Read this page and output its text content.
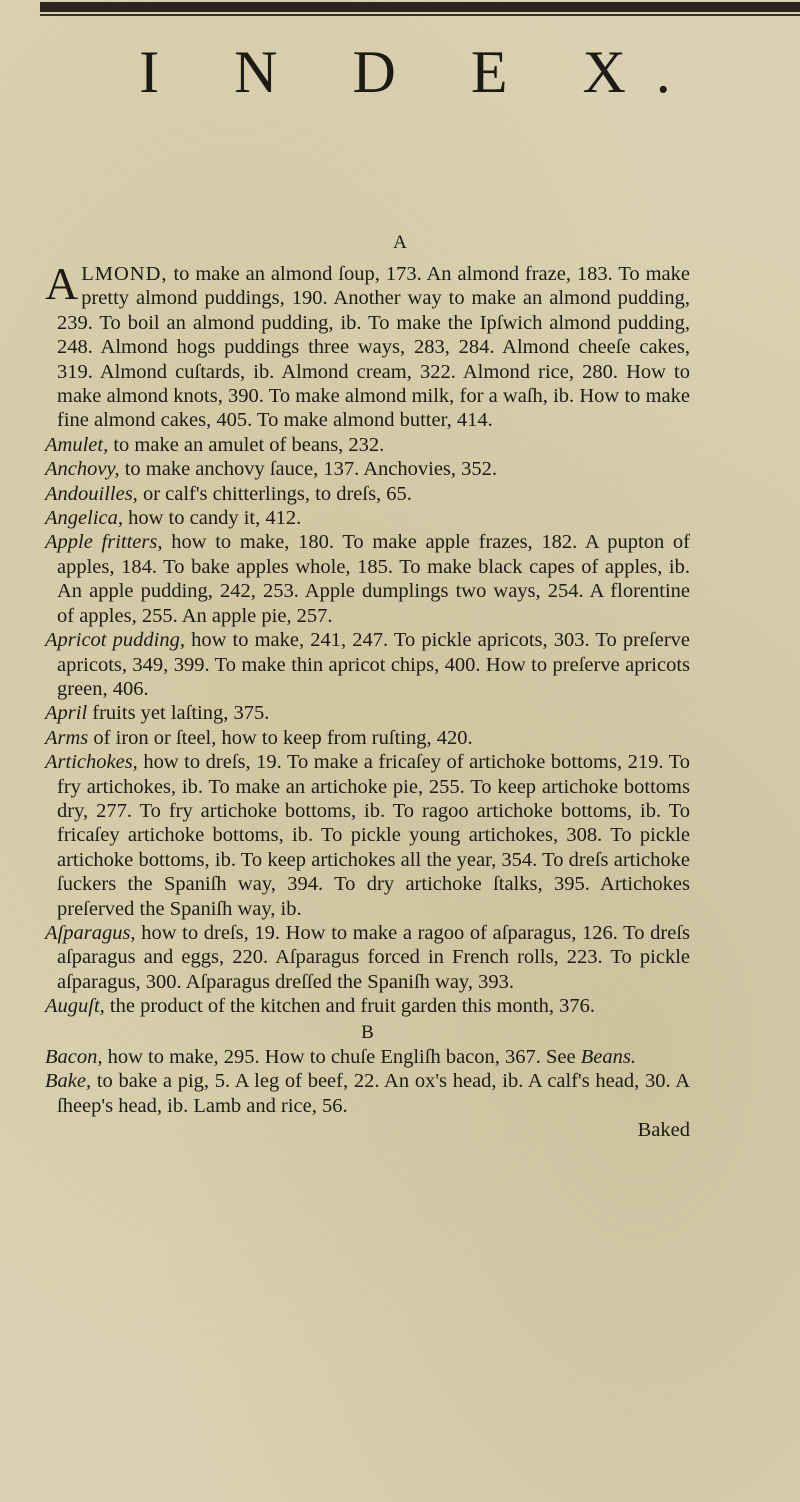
I N D E X.
A

ALMOND, to make an almond ſoup, 173. An almond fraze, 183. To make pretty almond puddings, 190. Another way to make an almond pudding, 239. To boil an almond pudding, ib. To make the Ipſwich almond pudding, 248. Almond hogs puddings three ways, 283, 284. Almond cheeſe cakes, 319. Almond cuſtards, ib. Almond cream, 322. Almond rice, 280. How to make almond knots, 390. To make almond milk, for a waſh, ib. How to make fine almond cakes, 405. To make almond butter, 414.

Amulet, to make an amulet of beans, 232.

Anchovy, to make anchovy ſauce, 137. Anchovies, 352.

Andouilles, or calf's chitterlings, to dreſs, 65.

Angelica, how to candy it, 412.

Apple fritters, how to make, 180. To make apple frazes, 182. A pupton of apples, 184. To bake apples whole, 185. To make black capes of apples, ib. An apple pudding, 242, 253. Apple dumplings two ways, 254. A florentine of apples, 255. An apple pie, 257.

Apricot pudding, how to make, 241, 247. To pickle apricots, 303. To preſerve apricots, 349, 399. To make thin apricot chips, 400. How to preſerve apricots green, 406.

April fruits yet laſting, 375.

Arms of iron or ſteel, how to keep from ruſting, 420.

Artichokes, how to dreſs, 19. To make a fricaſey of artichoke bottoms, 219. To fry artichokes, ib. To make an artichoke pie, 255. To keep artichoke bottoms dry, 277. To fry artichoke bottoms, ib. To ragoo artichoke bottoms, ib. To fricaſey artichoke bottoms, ib. To pickle young artichokes, 308. To pickle artichoke bottoms, ib. To keep artichokes all the year, 354. To dreſs artichoke ſuckers the Spaniſh way, 394. To dry artichoke ſtalks, 395. Artichokes preſerved the Spaniſh way, ib.

Aſparagus, how to dreſs, 19. How to make a ragoo of aſparagus, 126. To dreſs aſparagus and eggs, 220. Aſparagus forced in French rolls, 223. To pickle aſparagus, 300. Aſparagus dreſſed the Spaniſh way, 393.

Auguſt, the product of the kitchen and fruit garden this month, 376.

B

Bacon, how to make, 295. How to chuſe Engliſh bacon, 367. See Beans.

Bake, to bake a pig, 5. A leg of beef, 22. An ox's head, ib. A calf's head, 30. A ſheep's head, ib. Lamb and rice, 56.

Baked
